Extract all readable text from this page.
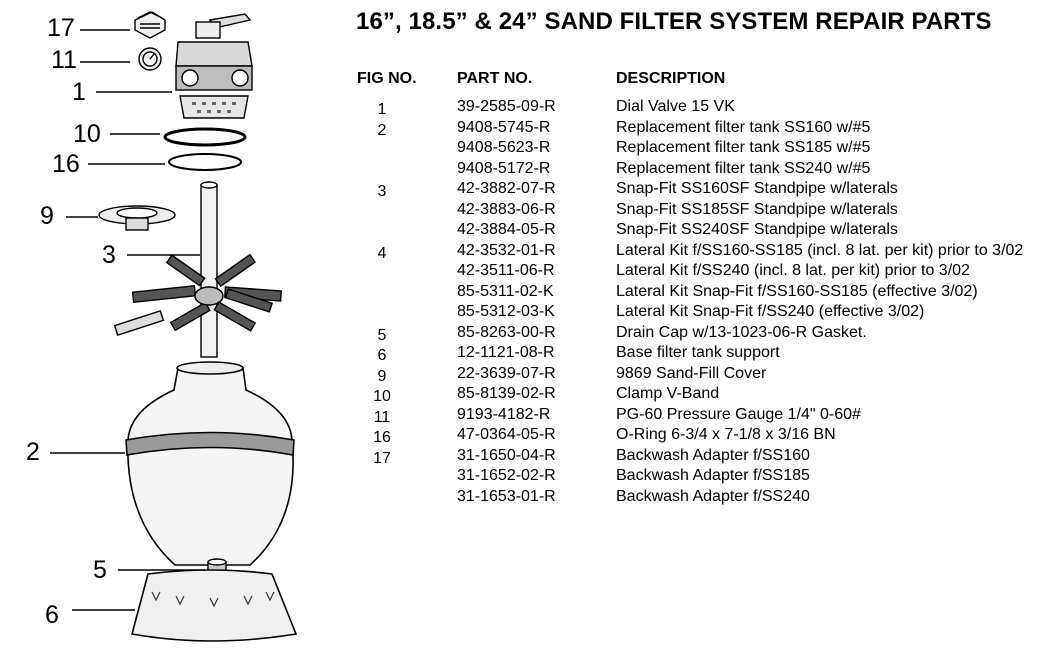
17
11
1
10
16
9
3
2
5
6
16”, 18.5” & 24” SAND FILTER SYSTEM REPAIR PARTS
FIG NO.	PART NO.	DESCRIPTION
1	39-2585-09-R	Dial Valve 15 VK
2	9408-5745-R	Replacement filter tank SS160 w/#5
9408-5623-R	Replacement filter tank SS185 w/#5
9408-5172-R	Replacement filter tank SS240 w/#5
3	42-3882-07-R	Snap-Fit SS160SF Standpipe w/laterals
42-3883-06-R	Snap-Fit SS185SF Standpipe w/laterals
42-3884-05-R	Snap-Fit SS240SF Standpipe w/laterals
4	42-3532-01-R	Lateral Kit f/SS160-SS185 (incl. 8 lat. per kit) prior to 3/02
42-3511-06-R	Lateral Kit f/SS240 (incl. 8 lat. per kit) prior to 3/02
85-5311-02-K	Lateral Kit Snap-Fit f/SS160-SS185 (effective 3/02)
85-5312-03-K	Lateral Kit Snap-Fit f/SS240 (effective 3/02)
5	85-8263-00-R	Drain Cap w/13-1023-06-R Gasket.
6	12-1121-08-R	Base filter tank support
9	22-3639-07-R	9869 Sand-Fill Cover
10	85-8139-02-R	Clamp V-Band
11	9193-4182-R	PG-60 Pressure Gauge 1/4" 0-60#
16	47-0364-05-R	O-Ring 6-3/4 x 7-1/8 x 3/16 BN
17	31-1650-04-R	Backwash Adapter f/SS160
31-1652-02-R	Backwash Adapter f/SS185
31-1653-01-R	Backwash Adapter f/SS240
